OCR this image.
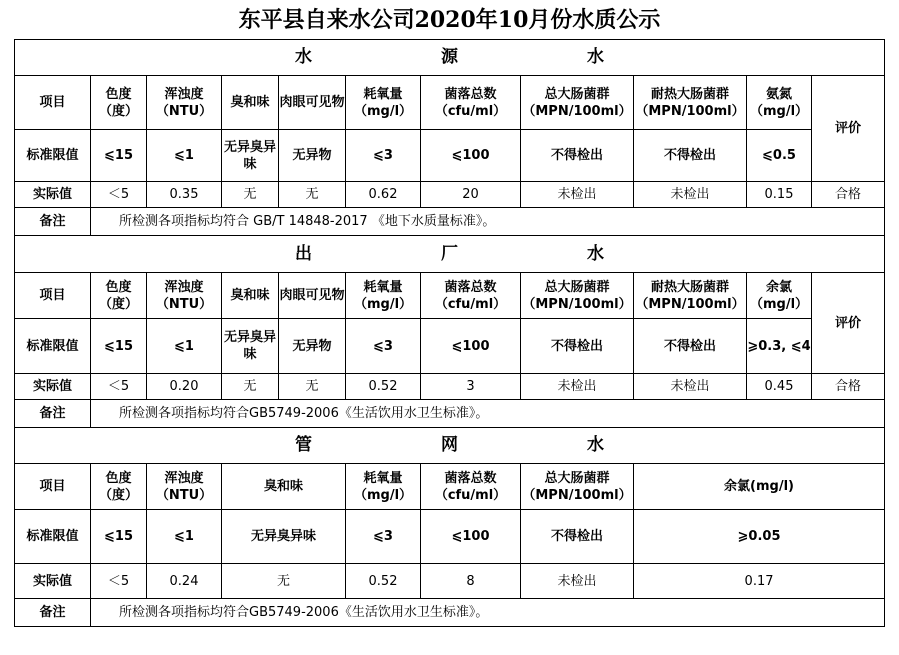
东平县自来水公司2020年10月份水质公示
水　源　水											
项目	色度（度）	浑浊度（NTU）	臭和味	肉眼可见物	耗氧量（mg/l）	菌落总数（cfu/ml）	总大肠菌群（MPN/100ml）	耐热大肠菌群（MPN/100ml）	氨氮（mg/l）	评价	
标准限值	⩽15	⩽1	无异臭异味	无异物	⩽3	⩽100	不得检出	不得检出	⩽0.5		
实际值	＜5	0.35	无	无	0.62	20	未检出	未检出	0.15	合格	
备注	所检测各项指标均符合 GB/T 14848-2017 《地下水质量标准》。										
出　厂　水											
项目	色度（度）	浑浊度（NTU）	臭和味	肉眼可见物	耗氧量（mg/l）	菌落总数（cfu/ml）	总大肠菌群（MPN/100ml）	耐热大肠菌群（MPN/100ml）	余氯（mg/l）	评价	
标准限值	⩽15	⩽1	无异臭异味	无异物	⩽3	⩽100	不得检出	不得检出	⩾0.3, ⩽4		
实际值	＜5	0.20	无	无	0.52	3	未检出	未检出	0.45	合格	
备注	所检测各项指标均符合GB5749-2006《生活饮用水卫生标准》。										
管　网　水											
项目	色度（度）	浑浊度（NTU）	臭和味		耗氧量（mg/l）	菌落总数（cfu/ml）	总大肠菌群（MPN/100ml）	余氯(mg/l)	
标准限值	⩽15	⩽1	无异臭异味		⩽3	⩽100	不得检出	⩾0.05			
实际值	＜5	0.24	无		0.52	8	未检出	0.17	
备注	所检测各项指标均符合GB5749-2006《生活饮用水卫生标准》。										
